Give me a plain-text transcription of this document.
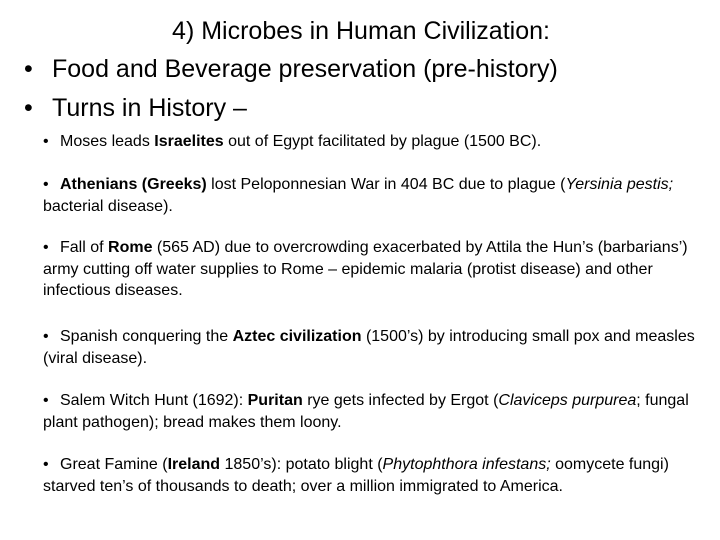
4) Microbes in Human Civilization:
• Food and Beverage preservation (pre-history)
• Turns in History –
• Moses leads Israelites out of Egypt facilitated by plague (1500 BC).
• Athenians (Greeks) lost Peloponnesian War in 404 BC due to plague (Yersinia pestis; bacterial disease).
• Fall of Rome (565 AD) due to overcrowding exacerbated by Attila the Hun’s (barbarians’) army cutting off water supplies to Rome – epidemic malaria (protist disease) and other infectious diseases.
• Spanish conquering the Aztec civilization (1500’s) by introducing small pox and measles (viral disease).
• Salem Witch Hunt (1692): Puritan rye gets infected by Ergot (Claviceps purpurea; fungal plant pathogen); bread makes them loony.
• Great Famine (Ireland 1850’s): potato blight (Phytophthora infestans; oomycete fungi) starved ten’s of thousands to death; over a million immigrated to America.
